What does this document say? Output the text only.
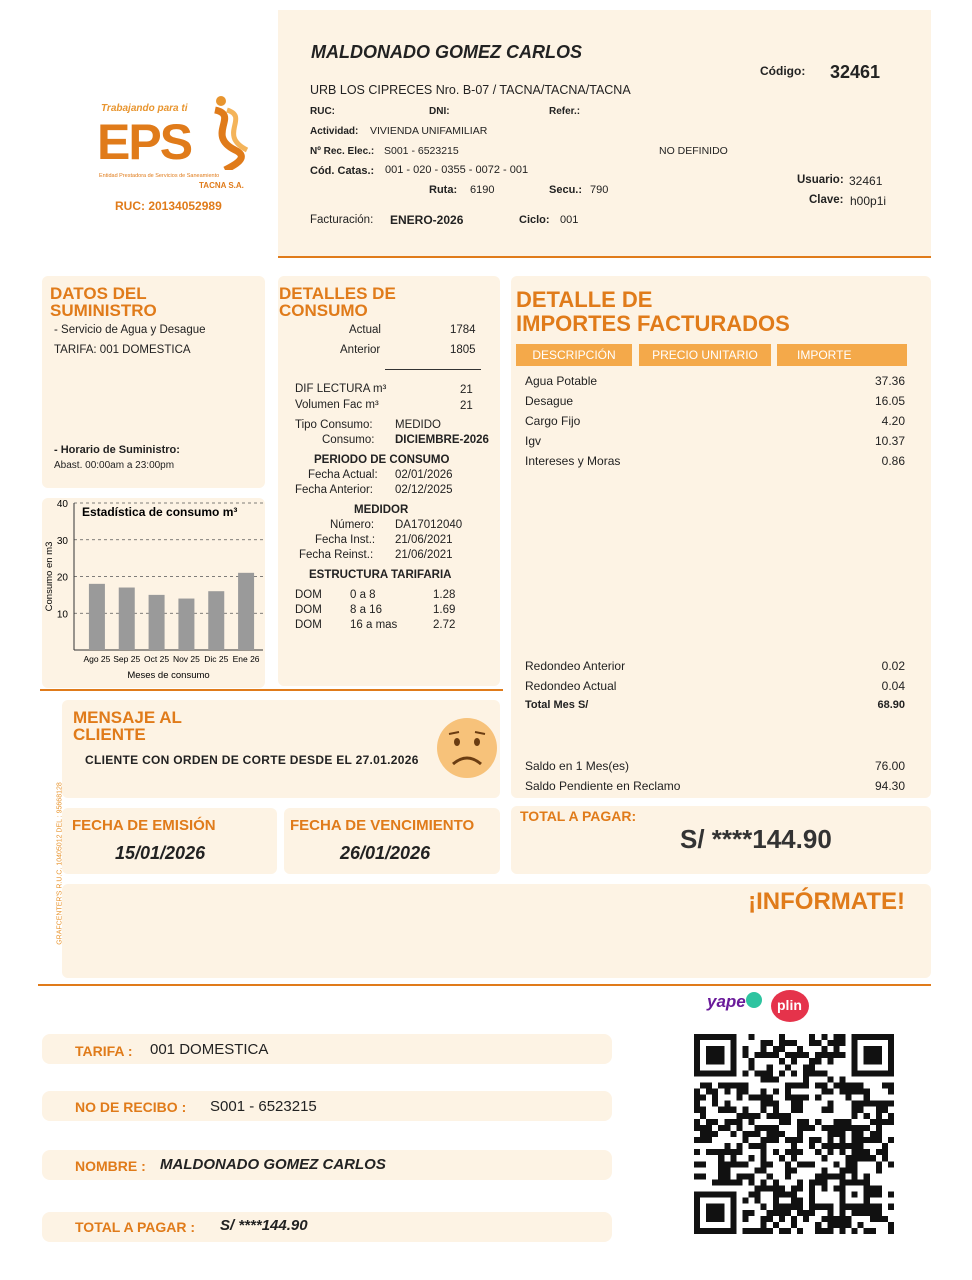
Trabajando para ti
EPS
Entidad Prestadora de Servicios de Saneamiento
TACNA S.A.
RUC: 20134052989
MALDONADO GOMEZ CARLOS
URB LOS CIPRECES Nro. B-07 / TACNA/TACNA/TACNA
Código: 32461
RUC:	DNI:	Refer.:
Actividad: VIVIENDA UNIFAMILIAR
Nº Rec. Elec.: S001 - 6523215	NO DEFINIDO
Cód. Catas.: 001 - 020 - 0355 - 0072 - 001
Ruta: 6190	Secu.: 790
Usuario: 32461
Clave: h00p1i
Facturación: ENERO-2026	Ciclo: 001
DATOS DEL SUMINISTRO
- Servicio de Agua y Desague
TARIFA: 001 DOMESTICA
- Horario de Suministro:
Abast. 00:00am a 23:00pm
10
20
30
40
Ago 25 Sep 25 Oct 25 Nov 25 Dic 25 Ene 26
Estadística de consumo m³
Meses de consumo
Consumo en m3
DETALLES DE CONSUMO
Actual	1784
Anterior	1805
DIF LECTURA m³	21
Volumen Fac m³	21
Tipo Consumo: MEDIDO
Consumo: DICIEMBRE-2026
PERIODO DE CONSUMO
Fecha Actual: 02/01/2026
Fecha Anterior: 02/12/2025
MEDIDOR
Número: DA17012040
Fecha Inst.: 21/06/2021
Fecha Reinst.: 21/06/2021
ESTRUCTURA TARIFARIA
DOM 0 a 8	1.28
DOM 8 a 16	1.69
DOM 16 a mas	2.72
DETALLE DE
IMPORTES FACTURADOS
Agua Potable	37.36
Desague	16.05
Cargo Fijo	4.20
Igv	10.37
Intereses y Moras	0.86
Redondeo Anterior	0.02
Redondeo Actual	0.04
Total Mes S/	68.90
Saldo en 1 Mes(es)	76.00
Saldo Pendiente en Reclamo	94.30
DESCRIPCIÓN	PRECIO UNITARIO	IMPORTE
MENSAJE AL CLIENTE
CLIENTE CON ORDEN DE CORTE DESDE EL 27.01.2026
FECHA DE EMISIÓN
15/01/2026
FECHA DE VENCIMIENTO
26/01/2026
TOTAL A PAGAR:
S/ ****144.90
¡INFÓRMATE!
GRAFCENTER'S R.U.C. 10405012 DEL : 95668128
yape plin
TARIFA : 001 DOMESTICA
NO DE RECIBO : S001 - 6523215
NOMBRE : MALDONADO GOMEZ CARLOS
TOTAL A PAGAR : S/ ****144.90
